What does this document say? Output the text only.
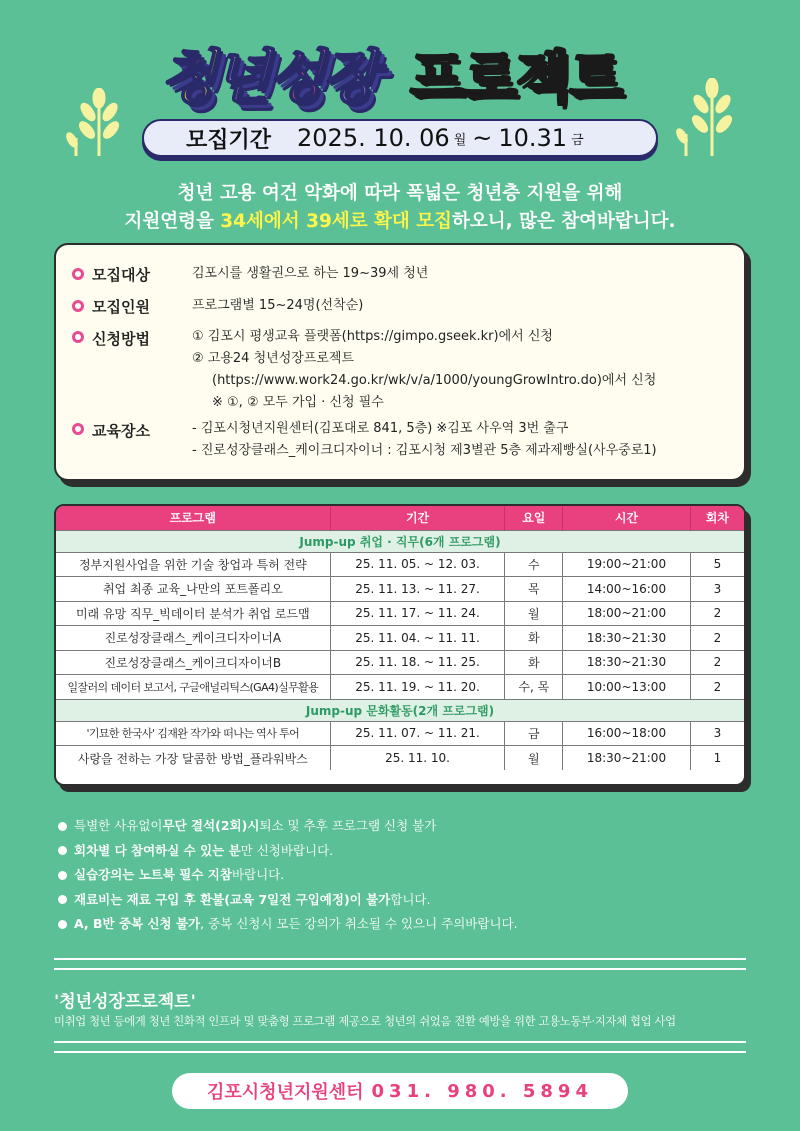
청년성장 프로젝트
모집기간 2025. 10. 06 월 ~ 10.31 금
청년 고용 여건 악화에 따라 폭넓은 청년층 지원을 위해
지원연령을 34세에서 39세로 확대 모집하오니, 많은 참여바랍니다.
모집대상	김포시를 생활권으로 하는 19~39세 청년
모집인원	프로그램별 15~24명(선착순)
신청방법	① 김포시 평생교육 플랫폼(https://gimpo.gseek.kr)에서 신청
② 고용24 청년성장프로젝트
(https://www.work24.go.kr/wk/v/a/1000/youngGrowIntro.do)에서 신청
※ ①, ② 모두 가입 · 신청 필수
교육장소	- 김포시청년지원센터(김포대로 841, 5층) ※김포 사우역 3번 출구
- 진로성장클래스_케이크디자이너 : 김포시청 제3별관 5층 제과제빵실(사우중로1)
프로그램	기간	요일	시간	회차
Jump-up 취업 · 직무(6개 프로그램)				
정부지원사업을 위한 기술 창업과 특허 전략	25. 11. 05. ~ 12. 03.	수	19:00~21:00	5
취업 최종 교육_나만의 포트폴리오	25. 11. 13. ~ 11. 27.	목	14:00~16:00	3
미래 유망 직무_빅데이터 분석가 취업 로드맵	25. 11. 17. ~ 11. 24.	월	18:00~21:00	2
진로성장클래스_케이크디자이너A	25. 11. 04. ~ 11. 11.	화	18:30~21:30	2
진로성장클래스_케이크디자이너B	25. 11. 18. ~ 11. 25.	화	18:30~21:30	2
일잘러의 데이터 보고서, 구글애널리틱스(GA4)실무활용	25. 11. 19. ~ 11. 20.	수, 목	10:00~13:00	2
Jump-up 문화활동(2개 프로그램)				
'기묘한 한국사' 김재완 작가와 떠나는 역사 투어	25. 11. 07. ~ 11. 21.	금	16:00~18:00	3
사랑을 전하는 가장 달콤한 방법_플라워박스	25. 11. 10.	월	18:30~21:00	1
특별한 사유없이 무단 결석(2회)시 퇴소 및 추후 프로그램 신청 불가
회차별 다 참여하실 수 있는 분 만 신청바랍니다.
실습강의는 노트북 필수 지참 바랍니다.
재료비는 재료 구입 후 환불(교육 7일전 구입예정)이 불가 합니다.
A, B반 중복 신청 불가 , 중복 신청시 모든 강의가 취소될 수 있으니 주의바랍니다.
'청년성장프로젝트'
미취업 청년 등에게 청년 친화적 인프라 및 맞춤형 프로그램 제공으로 청년의 쉬었음 전환 예방을 위한 고용노동부·지자체 협업 사업
김포시청년지원센터 031. 980. 5894
